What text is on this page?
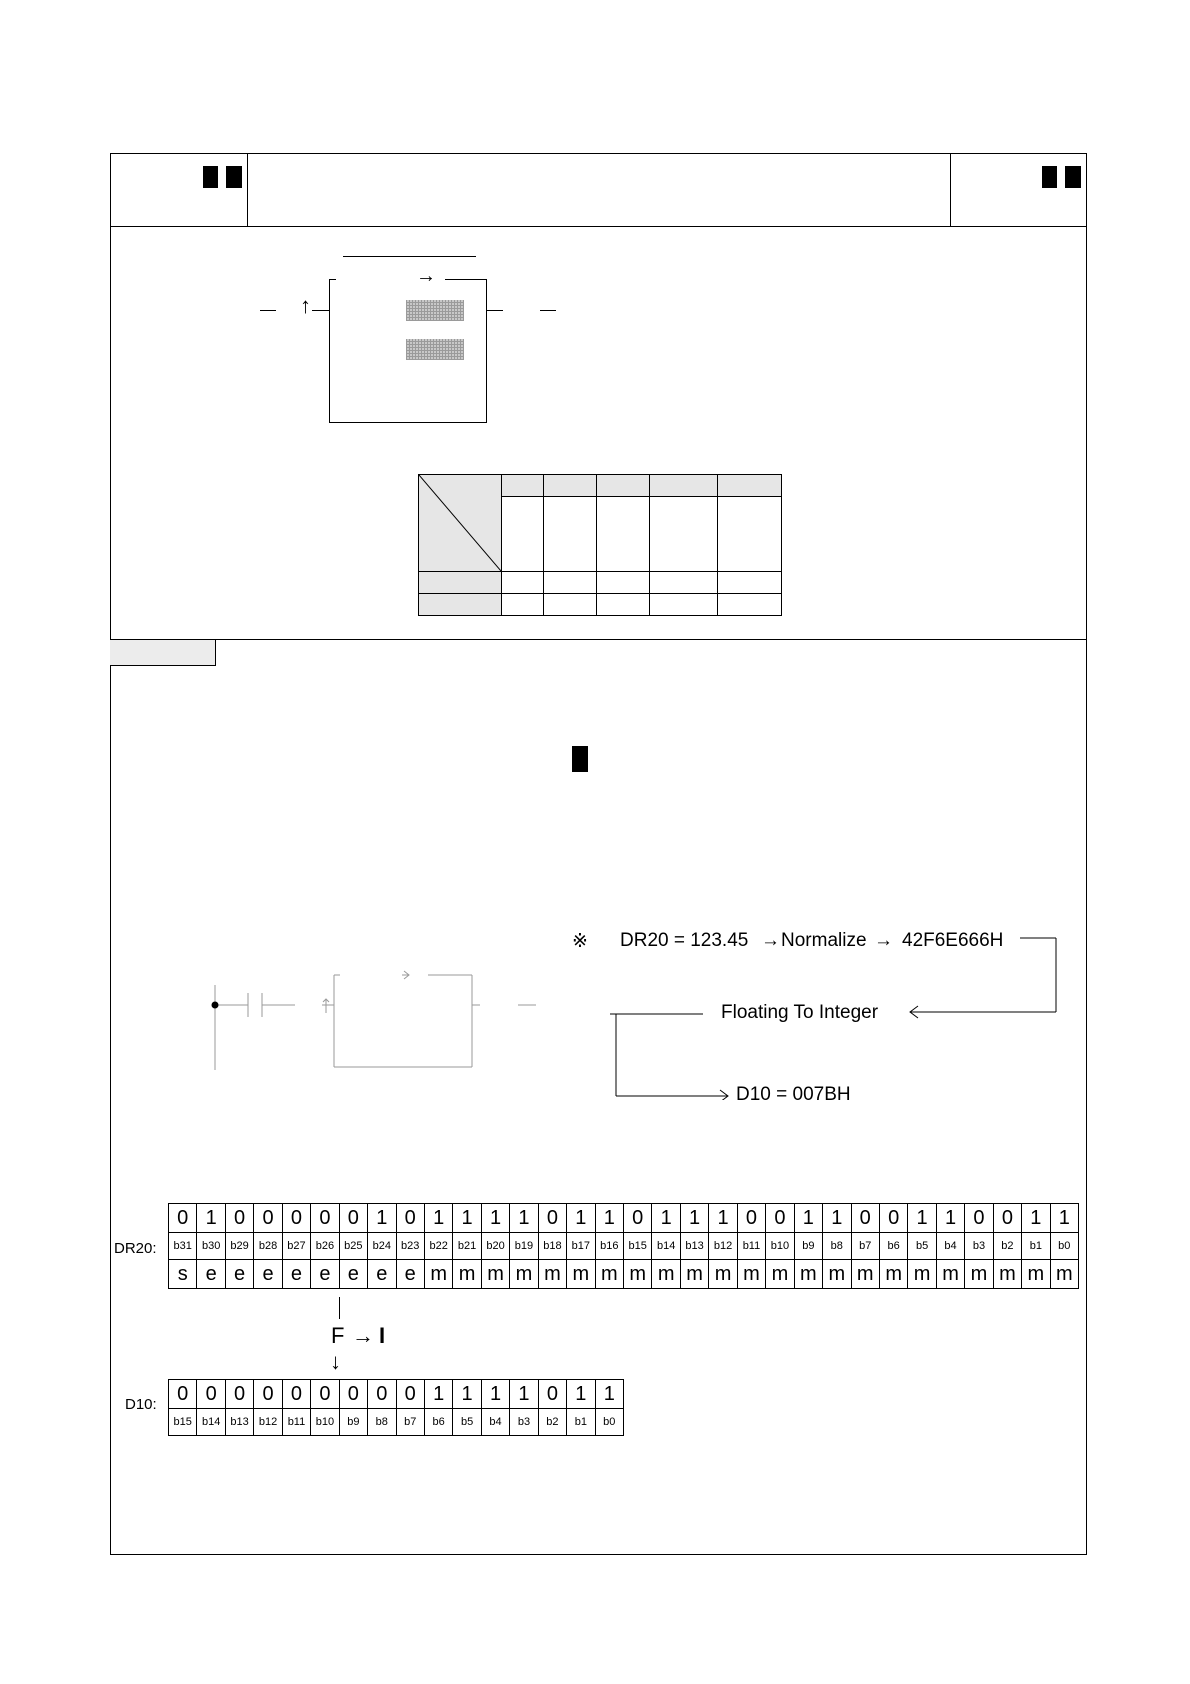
→
↑

※ DR20 = 123.45 → Normalize → 42F6E666H
Floating To Integer
D10 = 007BH
DR20:
0	1	0	0	0	0	0	1	0	1	1	1	1	0	1	1	0	1	1	1	0	0	1	1	0	0	1	1	0	0	1	1
b31	b30	b29	b28	b27	b26	b25	b24	b23	b22	b21	b20	b19	b18	b17	b16	b15	b14	b13	b12	b11	b10	b9	b8	b7	b6	b5	b4	b3	b2	b1	b0
s	e	e	e	e	e	e	e	e	m	m	m	m	m	m	m	m	m	m	m	m	m	m	m	m	m	m	m	m	m	m	m
F → I
↓
D10: 0	0	0	0	0	0	0	0	0	1	1	1	1	0	1	1
b15	b14	b13	b12	b11	b10	b9	b8	b7	b6	b5	b4	b3	b2	b1	b0
